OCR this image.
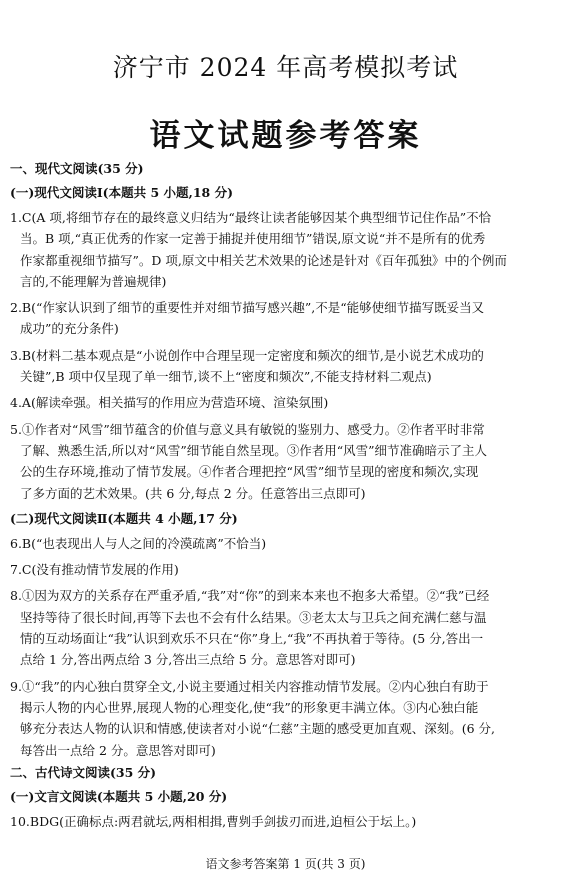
济宁市 2024 年高考模拟考试
语文试题参考答案
一、现代文阅读(35 分)
(一)现代文阅读Ⅰ(本题共 5 小题,18 分)
1.C(A 项,将细节存在的最终意义归结为“最终让读者能够因某个典型细节记住作品”不恰
当。B 项,“真正优秀的作家一定善于捕捉并使用细节”错误,原文说“并不是所有的优秀
作家都重视细节描写”。D 项,原文中相关艺术效果的论述是针对《百年孤独》中的个例而
言的,不能理解为普遍规律)
2.B(“作家认识到了细节的重要性并对细节描写感兴趣”,不是“能够使细节描写既妥当又
成功”的充分条件)
3.B(材料二基本观点是“小说创作中合理呈现一定密度和频次的细节,是小说艺术成功的
关键”,B 项中仅呈现了单一细节,谈不上“密度和频次”,不能支持材料二观点)
4.A(解读牵强。相关描写的作用应为营造环境、渲染氛围)
5.①作者对“风雪”细节蕴含的价值与意义具有敏锐的鉴别力、感受力。②作者平时非常
了解、熟悉生活,所以对“风雪”细节能自然呈现。③作者用“风雪”细节准确暗示了主人
公的生存环境,推动了情节发展。④作者合理把控“风雪”细节呈现的密度和频次,实现
了多方面的艺术效果。(共 6 分,每点 2 分。任意答出三点即可)
(二)现代文阅读Ⅱ(本题共 4 小题,17 分)
6.B(“也表现出人与人之间的冷漠疏离”不恰当)
7.C(没有推动情节发展的作用)
8.①因为双方的关系存在严重矛盾,“我”对“你”的到来本来也不抱多大希望。②“我”已经
坚持等待了很长时间,再等下去也不会有什么结果。③老太太与卫兵之间充满仁慈与温
情的互动场面让“我”认识到欢乐不只在“你”身上,“我”不再执着于等待。(5 分,答出一
点给 1 分,答出两点给 3 分,答出三点给 5 分。意思答对即可)
9.①“我”的内心独白贯穿全文,小说主要通过相关内容推动情节发展。②内心独白有助于
揭示人物的内心世界,展现人物的心理变化,使“我”的形象更丰满立体。③内心独白能
够充分表达人物的认识和情感,使读者对小说“仁慈”主题的感受更加直观、深刻。(6 分,
每答出一点给 2 分。意思答对即可)
二、古代诗文阅读(35 分)
(一)文言文阅读(本题共 5 小题,20 分)
10.BDG(正确标点:两君就坛,两相相揖,曹刿手剑拔刃而进,迫桓公于坛上。)
语文参考答案第 1 页(共 3 页)
